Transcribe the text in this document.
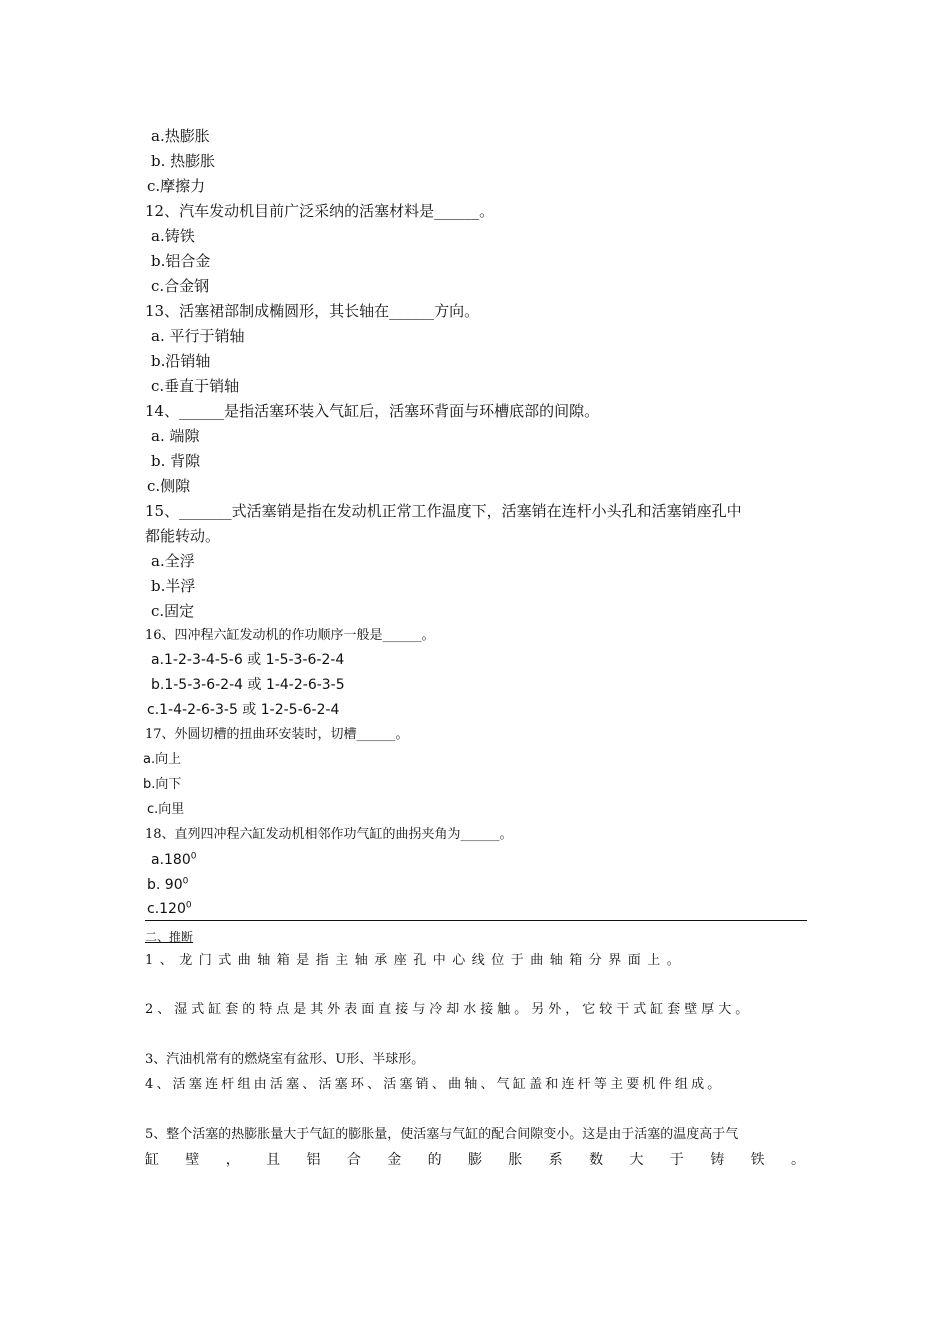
a.热膨胀
b. 热膨胀
c.摩擦力
12、汽车发动机目前广泛采纳的活塞材料是______。
a.铸铁
b.铝合金
c.合金钢
13、活塞裙部制成椭圆形，其长轴在______方向。
a. 平行于销轴
b.沿销轴
c.垂直于销轴
14、______是指活塞环装入气缸后，活塞环背面与环槽底部的间隙。
a. 端隙
b. 背隙
c.侧隙
15、_______式活塞销是指在发动机正常工作温度下，活塞销在连杆小头孔和活塞销座孔中
都能转动。
a.全浮
b.半浮
c.固定
16、四冲程六缸发动机的作功顺序一般是______。
a.1-2-3-4-5-6 或 1-5-3-6-2-4
b.1-5-3-6-2-4 或 1-4-2-6-3-5
c.1-4-2-6-3-5 或 1-2-5-6-2-4
17、外圆切槽的扭曲环安装时，切槽______。
a.向上
b.向下
c.向里
18、直列四冲程六缸发动机相邻作功气缸的曲拐夹角为______。
a.180$^0$
b. $90^0$
c.120$^0$
二、推断
1、龙门式曲轴箱是指主轴承座孔中心线位于曲轴箱分界面上。
2、湿式缸套的特点是其外表面直接与冷却水接触。另外，它较干式缸套壁厚大。
3、汽油机常有的燃烧室有盆形、U形、半球形。
4、活塞连杆组由活塞、活塞环、活塞销、曲轴、气缸盖和连杆等主要机件组成。
5、整个活塞的热膨胀量大于气缸的膨胀量，使活塞与气缸的配合间隙变小。这是由于活塞的温度高于气
缸 壁 ， 且 铝 合 金 的 膨 胀 系 数 大 于 铸 铁 。
